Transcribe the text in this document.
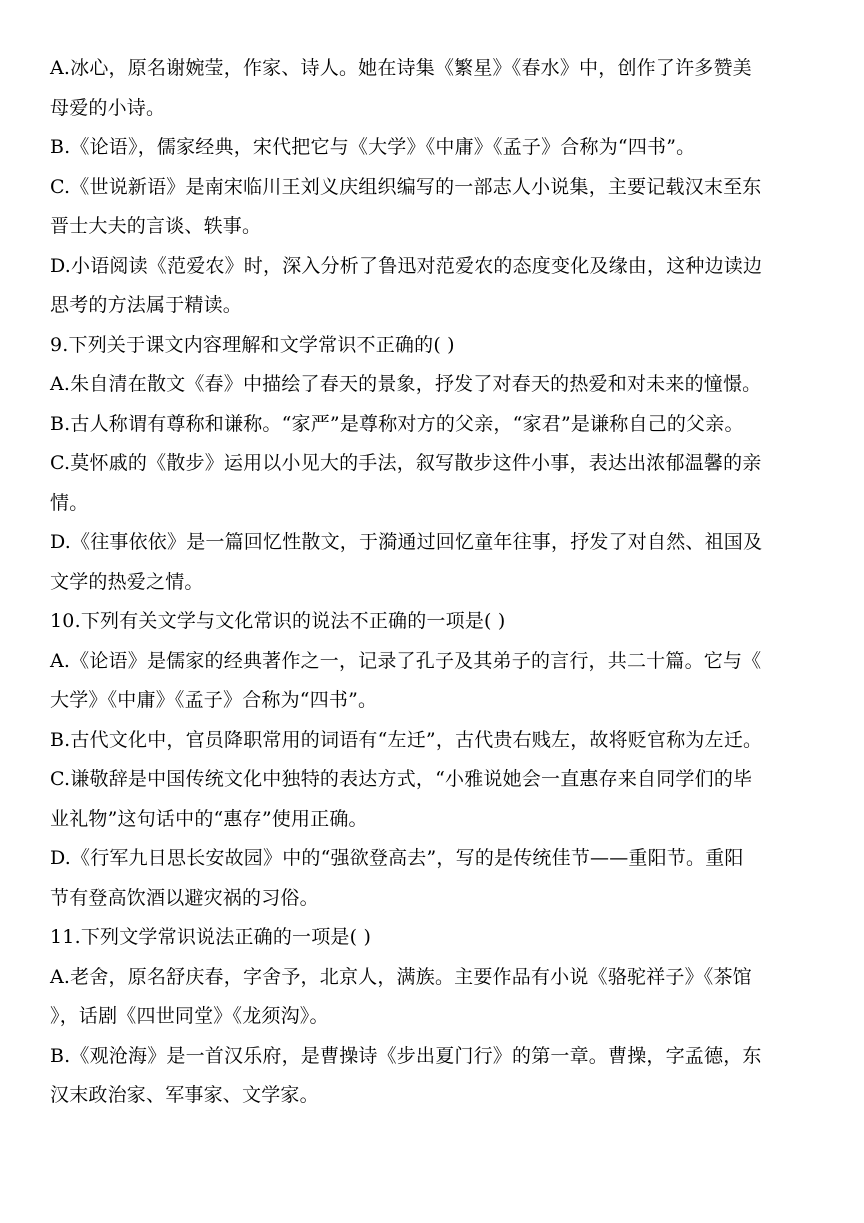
A.冰心，原名谢婉莹，作家、诗人。她在诗集《繁星》《春水》中，创作了许多赞美
母爱的小诗。
B.《论语》，儒家经典，宋代把它与《大学》《中庸》《孟子》合称为“四书”。
C.《世说新语》是南宋临川王刘义庆组织编写的一部志人小说集，主要记载汉末至东
晋士大夫的言谈、轶事。
D.小语阅读《范爱农》时，深入分析了鲁迅对范爱农的态度变化及缘由，这种边读边
思考的方法属于精读。
9.下列关于课文内容理解和文学常识不正确的( )
A.朱自清在散文《春》中描绘了春天的景象，抒发了对春天的热爱和对未来的憧憬。
B.古人称谓有尊称和谦称。“家严”是尊称对方的父亲，“家君”是谦称自己的父亲。
C.莫怀戚的《散步》运用以小见大的手法，叙写散步这件小事，表达出浓郁温馨的亲
情。
D.《往事依依》是一篇回忆性散文，于漪通过回忆童年往事，抒发了对自然、祖国及
文学的热爱之情。
10.下列有关文学与文化常识的说法不正确的一项是( )
A.《论语》是儒家的经典著作之一，记录了孔子及其弟子的言行，共二十篇。它与《
大学》《中庸》《孟子》合称为“四书”。
B.古代文化中，官员降职常用的词语有“左迁”，古代贵右贱左，故将贬官称为左迁。
C.谦敬辞是中国传统文化中独特的表达方式，“小雅说她会一直惠存来自同学们的毕
业礼物”这句话中的“惠存”使用正确。
D.《行军九日思长安故园》中的“强欲登高去”，写的是传统佳节——重阳节。重阳
节有登高饮酒以避灾祸的习俗。
11.下列文学常识说法正确的一项是( )
A.老舍，原名舒庆春，字舍予，北京人，满族。主要作品有小说《骆驼祥子》《茶馆
》，话剧《四世同堂》《龙须沟》。
B.《观沧海》是一首汉乐府，是曹操诗《步出夏门行》的第一章。曹操，字孟德，东
汉末政治家、军事家、文学家。
